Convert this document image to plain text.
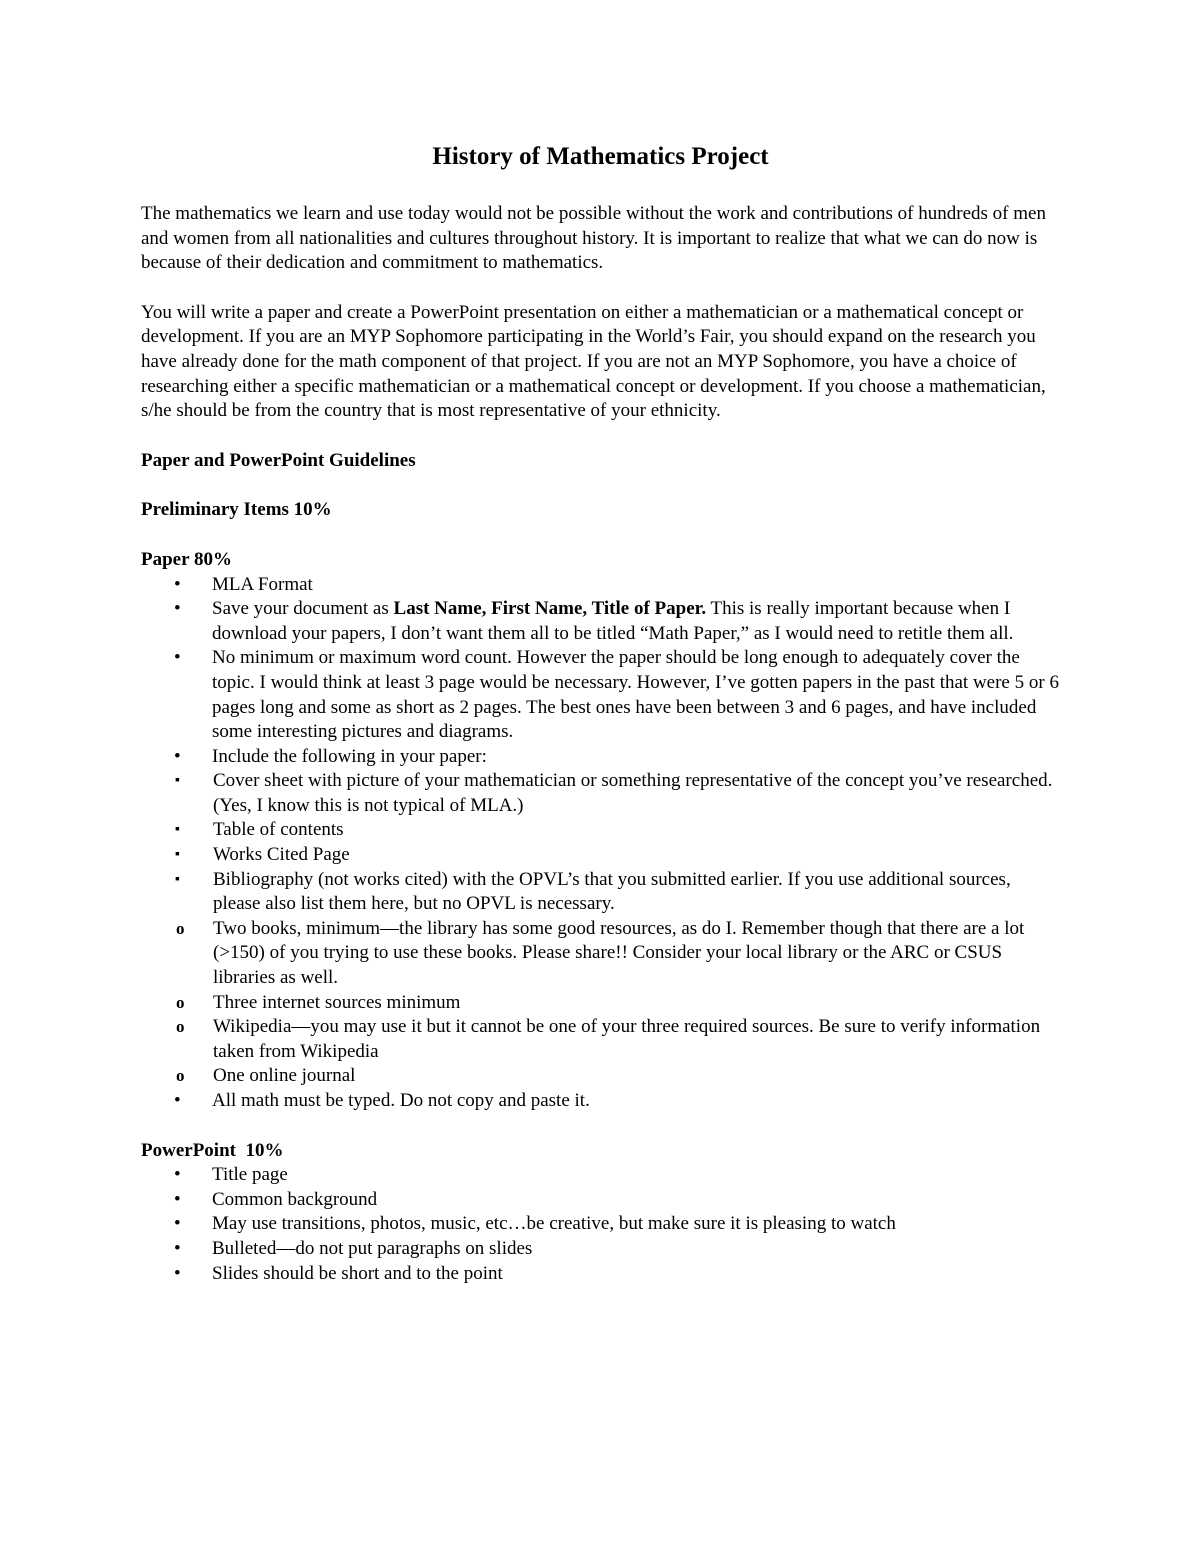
History of Mathematics Project

The mathematics we learn and use today would not be possible without the work and contributions of hundreds of men and women from all nationalities and cultures throughout history. It is important to realize that what we can do now is because of their dedication and commitment to mathematics.

You will write a paper and create a PowerPoint presentation on either a mathematician or a mathematical concept or development. If you are an MYP Sophomore participating in the World’s Fair, you should expand on the research you have already done for the math component of that project. If you are not an MYP Sophomore, you have a choice of researching either a specific mathematician or a mathematical concept or development. If you choose a mathematician, s/he should be from the country that is most representative of your ethnicity.

Paper and PowerPoint Guidelines

Preliminary Items 10%

Paper 80%

• MLA Format
• Save your document as Last Name, First Name, Title of Paper. This is really important because when I download your papers, I don’t want them all to be titled “Math Paper,” as I would need to retitle them all.
• No minimum or maximum word count. However the paper should be long enough to adequately cover the topic. I would think at least 3 page would be necessary. However, I’ve gotten papers in the past that were 5 or 6 pages long and some as short as 2 pages. The best ones have been between 3 and 6 pages, and have included some interesting pictures and diagrams.
• Include the following in your paper:
▪ Cover sheet with picture of your mathematician or something representative of the concept you’ve researched. (Yes, I know this is not typical of MLA.)
▪ Table of contents
▪ Works Cited Page
▪ Bibliography (not works cited) with the OPVL’s that you submitted earlier. If you use additional sources, please also list them here, but no OPVL is necessary.
o Two books, minimum—the library has some good resources, as do I. Remember though that there are a lot (>150) of you trying to use these books. Please share!! Consider your local library or the ARC or CSUS libraries as well.
o Three internet sources minimum
o Wikipedia—you may use it but it cannot be one of your three required sources. Be sure to verify information taken from Wikipedia
o One online journal
• All math must be typed. Do not copy and paste it.

PowerPoint  10%

• Title page
• Common background
• May use transitions, photos, music, etc…be creative, but make sure it is pleasing to watch
• Bulleted—do not put paragraphs on slides
• Slides should be short and to the point
